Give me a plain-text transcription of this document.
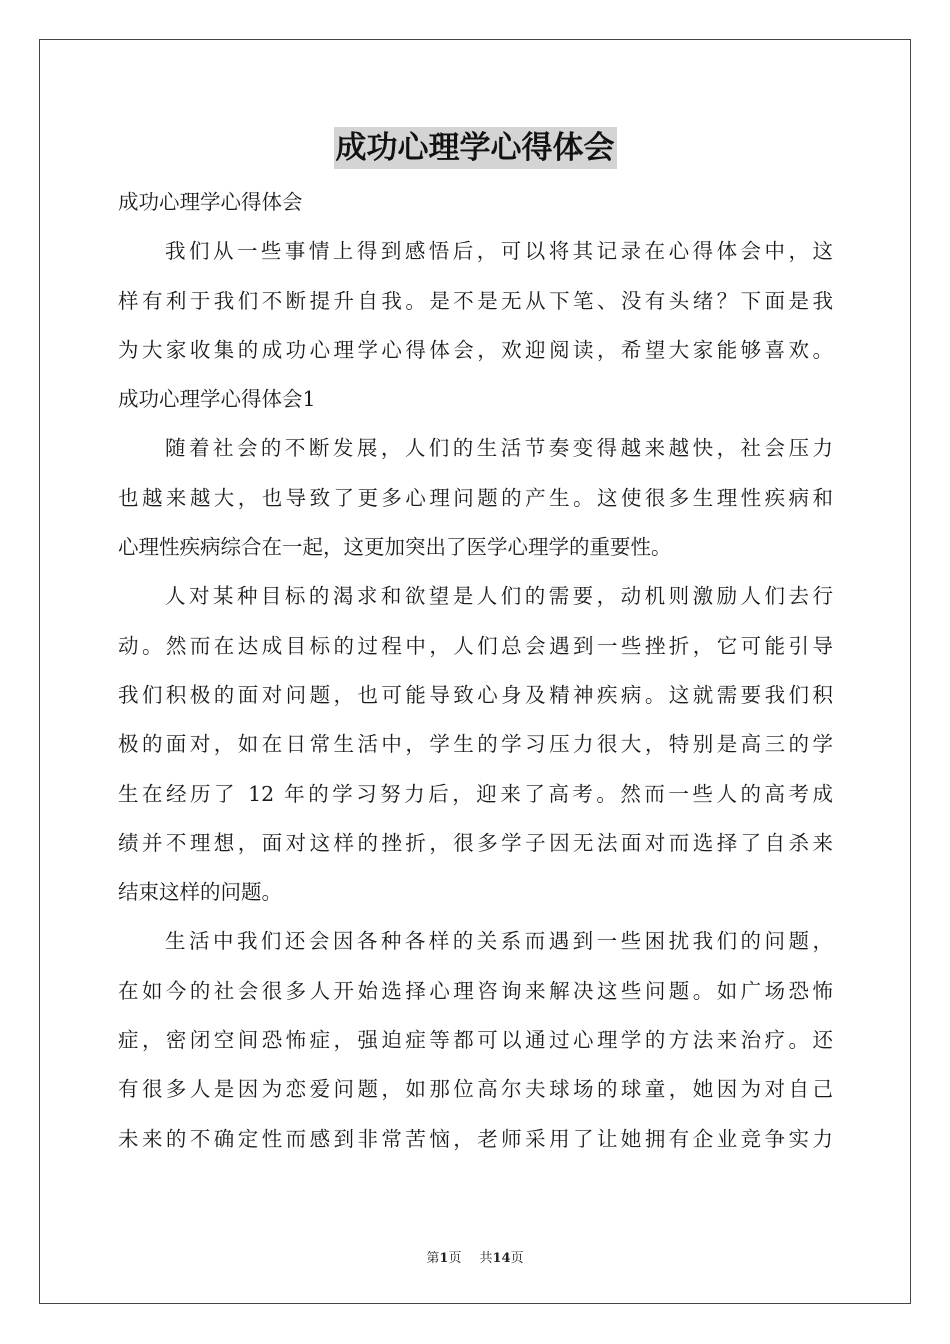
成功心理学心得体会
成功心理学心得体会
我们从一些事情上得到感悟后，可以将其记录在心得体会中，这
样有利于我们不断提升自我。是不是无从下笔、没有头绪？下面是我
为大家收集的成功心理学心得体会，欢迎阅读，希望大家能够喜欢。
成功心理学心得体会1
随着社会的不断发展，人们的生活节奏变得越来越快，社会压力
也越来越大，也导致了更多心理问题的产生。这使很多生理性疾病和
心理性疾病综合在一起，这更加突出了医学心理学的重要性。
人对某种目标的渴求和欲望是人们的需要，动机则激励人们去行
动。然而在达成目标的过程中，人们总会遇到一些挫折，它可能引导
我们积极的面对问题，也可能导致心身及精神疾病。这就需要我们积
极的面对，如在日常生活中，学生的学习压力很大，特别是高三的学
生在经历了 12 年的学习努力后，迎来了高考。然而一些人的高考成
绩并不理想，面对这样的挫折，很多学子因无法面对而选择了自杀来
结束这样的问题。
生活中我们还会因各种各样的关系而遇到一些困扰我们的问题，
在如今的社会很多人开始选择心理咨询来解决这些问题。如广场恐怖
症，密闭空间恐怖症，强迫症等都可以通过心理学的方法来治疗。还
有很多人是因为恋爱问题，如那位高尔夫球场的球童，她因为对自己
未来的不确定性而感到非常苦恼，老师采用了让她拥有企业竞争实力
第1页 共14页
